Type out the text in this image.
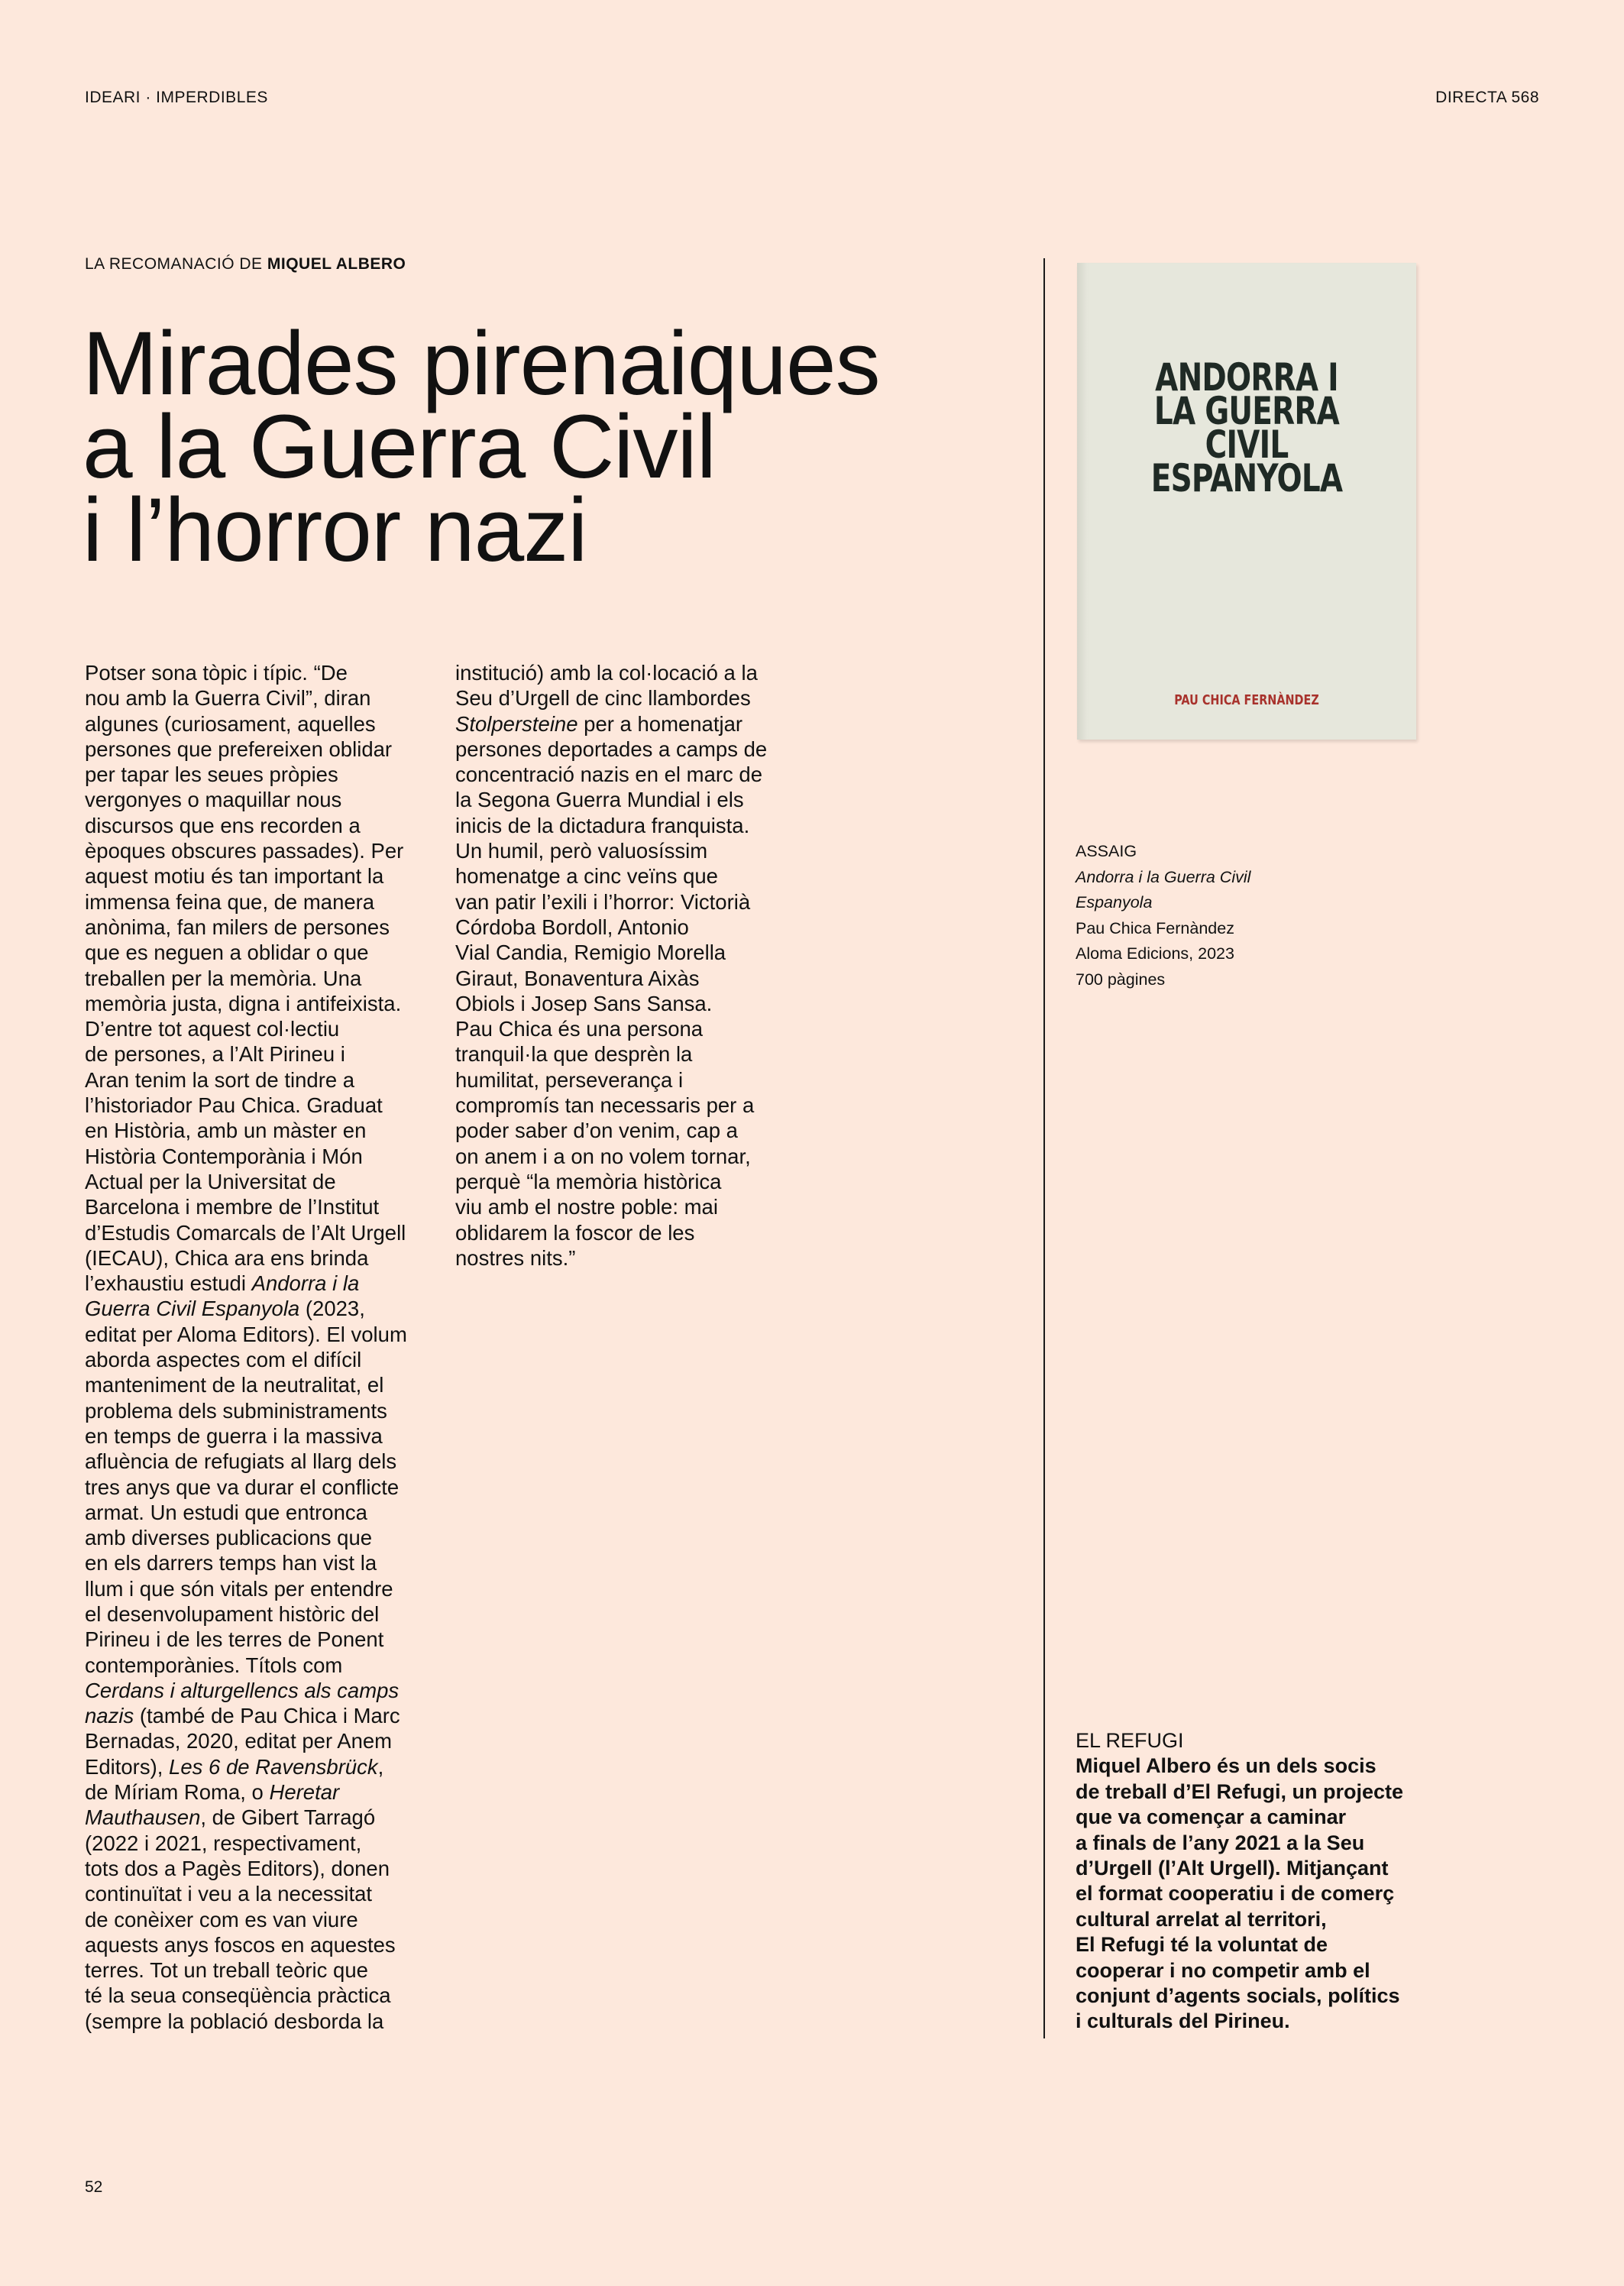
IDEARI · IMPERDIBLES	DIRECTA 568
LA RECOMANACIÓ DE MIQUEL ALBERO
Mirades pirenaiques
a la Guerra Civil
i l’horror nazi
Potser sona tòpic i típic. “De
nou amb la Guerra Civil”, diran
algunes (curiosament, aquelles
persones que prefereixen oblidar
per tapar les seues pròpies
vergonyes o maquillar nous
discursos que ens recorden a
èpoques obscures passades). Per
aquest motiu és tan important la
immensa feina que, de manera
anònima, fan milers de persones
que es neguen a oblidar o que
treballen per la memòria. Una
memòria justa, digna i antifeixista.
D’entre tot aquest col·lectiu
de persones, a l’Alt Pirineu i
Aran tenim la sort de tindre a
l’historiador Pau Chica. Graduat
en Història, amb un màster en
Història Contemporània i Món
Actual per la Universitat de
Barcelona i membre de l’Institut
d’Estudis Comarcals de l’Alt Urgell
(IECAU), Chica ara ens brinda
l’exhaustiu estudi Andorra i la
Guerra Civil Espanyola (2023,
editat per Aloma Editors). El volum
aborda aspectes com el difícil
manteniment de la neutralitat, el
problema dels subministraments
en temps de guerra i la massiva
afluència de refugiats al llarg dels
tres anys que va durar el conflicte
armat. Un estudi que entronca
amb diverses publicacions que
en els darrers temps han vist la
llum i que són vitals per entendre
el desenvolupament històric del
Pirineu i de les terres de Ponent
contemporànies. Títols com
Cerdans i alturgellencs als camps
nazis (també de Pau Chica i Marc
Bernadas, 2020, editat per Anem
Editors), Les 6 de Ravensbrück,
de Míriam Roma, o Heretar
Mauthausen, de Gibert Tarragó
(2022 i 2021, respectivament,
tots dos a Pagès Editors), donen
continuïtat i veu a la necessitat
de conèixer com es van viure
aquests anys foscos en aquestes
terres. Tot un treball teòric que
té la seua conseqüència pràctica
(sempre la població desborda la
institució) amb la col·locació a la
Seu d’Urgell de cinc llambordes
Stolpersteine per a homenatjar
persones deportades a camps de
concentració nazis en el marc de
la Segona Guerra Mundial i els
inicis de la dictadura franquista.
Un humil, però valuosíssim
homenatge a cinc veïns que
van patir l’exili i l’horror: Victorià
Córdoba Bordoll, Antonio
Vial Candia, Remigio Morella
Giraut, Bonaventura Aixàs
Obiols i Josep Sans Sansa.
Pau Chica és una persona
tranquil·la que desprèn la
humilitat, perseverança i
compromís tan necessaris per a
poder saber d’on venim, cap a
on anem i a on no volem tornar,
perquè “la memòria històrica
viu amb el nostre poble: mai
oblidarem la foscor de les
nostres nits.”
ANDORRA I
LA GUERRA
CIVIL
ESPANYOLA
PAU CHICA FERNÀNDEZ
ASSAIG
Andorra i la Guerra Civil
Espanyola
Pau Chica Fernàndez
Aloma Edicions, 2023
700 pàgines
EL REFUGI
Miquel Albero és un dels socis
de treball d’El Refugi, un projecte
que va començar a caminar
a finals de l’any 2021 a la Seu
d’Urgell (l’Alt Urgell). Mitjançant
el format cooperatiu i de comerç
cultural arrelat al territori,
El Refugi té la voluntat de
cooperar i no competir amb el
conjunt d’agents socials, polítics
i culturals del Pirineu.
52
